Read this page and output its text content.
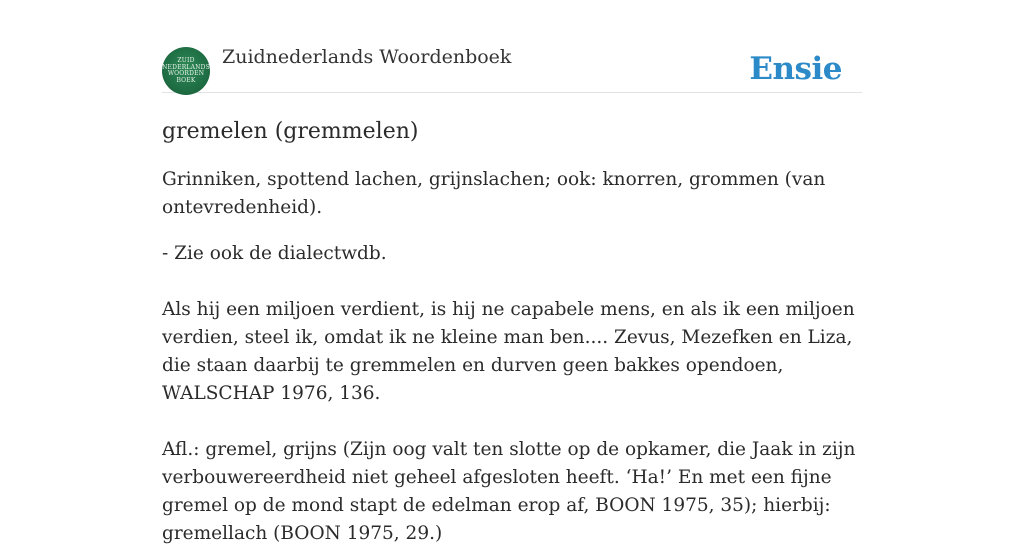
ZUID
NEDERLANDS
WOORDEN
BOEK
Zuidnederlands Woordenboek	Ensie
gremelen (gremmelen)

Grinniken, spottend lachen, grijnslachen; ook: knorren, grommen (van ontevredenheid).

- Zie ook de dialectwdb.

Als hij een miljoen verdient, is hij ne capabele mens, en als ik een miljoen verdien, steel ik, omdat ik ne kleine man ben.... Zevus, Mezefken en Liza, die staan daarbij te gremmelen en durven geen bakkes opendoen, WALSCHAP 1976, 136.

Afl.: gremel, grijns (Zijn oog valt ten slotte op de opkamer, die Jaak in zijn verbouwereerdheid niet geheel afgesloten heeft. ‘Ha!’ En met een fijne gremel op de mond stapt de edelman erop af, BOON 1975, 35); hierbij: gremellach (BOON 1975, 29.)
